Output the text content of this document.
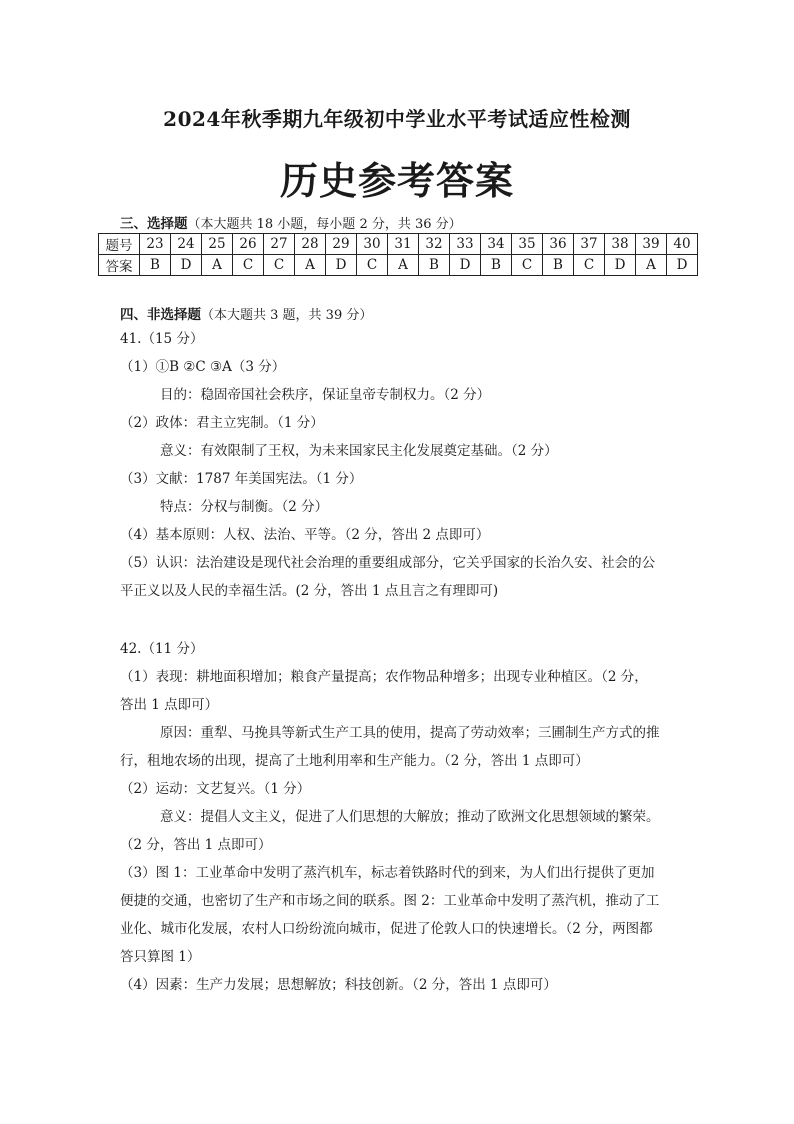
2024年秋季期九年级初中学业水平考试适应性检测
历史参考答案
三、选择题（本大题共 18 小题，每小题 2 分，共 36 分）
题号	23	24	25	26	27	28	29	30	31	32	33	34	35	36	37	38	39	40
答案	B	D	A	C	C	A	D	C	A	B	D	B	C	B	C	D	A	D
四、非选择题（本大题共 3 题，共 39 分）
41.（15 分）
（1）①B ②C ③A（3 分）
目的：稳固帝国社会秩序，保证皇帝专制权力。（2 分）
（2）政体：君主立宪制。（1 分）
意义：有效限制了王权，为未来国家民主化发展奠定基础。（2 分）
（3）文献：1787 年美国宪法。（1 分）
特点：分权与制衡。（2 分）
（4）基本原则：人权、法治、平等。（2 分，答出 2 点即可）
（5）认识：法治建设是现代社会治理的重要组成部分，它关乎国家的长治久安、社会的公
平正义以及人民的幸福生活。(2 分，答出 1 点且言之有理即可)
42.（11 分）
（1）表现：耕地面积增加；粮食产量提高；农作物品种增多；出现专业种植区。（2 分，
答出 1 点即可）
原因：重犁、马挽具等新式生产工具的使用，提高了劳动效率；三圃制生产方式的推
行，租地农场的出现，提高了土地利用率和生产能力。（2 分，答出 1 点即可）
（2）运动：文艺复兴。（1 分）
意义：提倡人文主义，促进了人们思想的大解放；推动了欧洲文化思想领域的繁荣。
（2 分，答出 1 点即可）
（3）图 1：工业革命中发明了蒸汽机车，标志着铁路时代的到来，为人们出行提供了更加
便捷的交通，也密切了生产和市场之间的联系。图 2：工业革命中发明了蒸汽机，推动了工
业化、城市化发展，农村人口纷纷流向城市，促进了伦敦人口的快速增长。（2 分，两图都
答只算图 1）
（4）因素：生产力发展；思想解放；科技创新。（2 分，答出 1 点即可）
